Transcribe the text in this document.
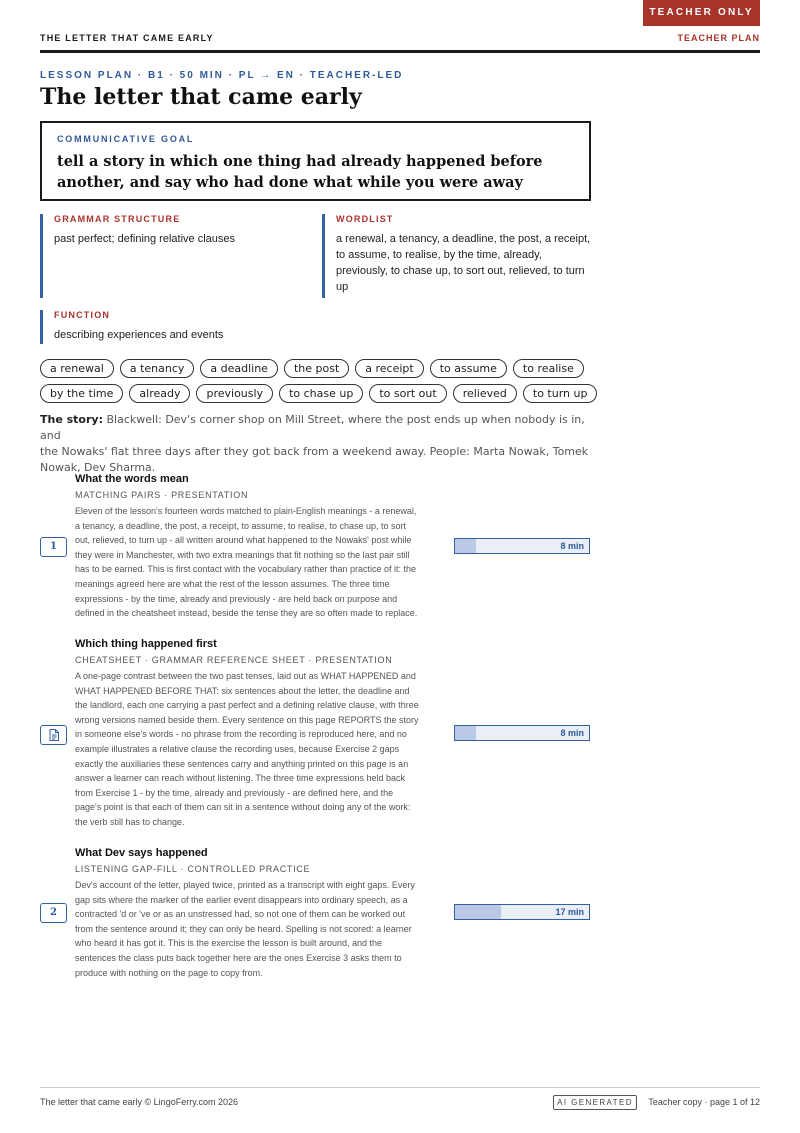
TEACHER ONLY
THE LETTER THAT CAME EARLY	TEACHER PLAN
LESSON PLAN · B1 · 50 MIN · PL → EN · TEACHER-LED
The letter that came early
COMMUNICATIVE GOAL
tell a story in which one thing had already happened before
another, and say who had done what while you were away
GRAMMAR STRUCTURE
past perfect; defining relative clauses
WORDLIST
a renewal, a tenancy, a deadline, the post, a receipt,
to assume, to realise, by the time, already,
previously, to chase up, to sort out, relieved, to turn
up
FUNCTION
describing experiences and events
a renewal	a tenancy	a deadline	the post	a receipt	to assume	to realise
by the time	already	previously	to chase up	to sort out	relieved	to turn up
The story: Blackwell: Dev's corner shop on Mill Street, where the post ends up when nobody is in, and
the Nowaks' flat three days after they got back from a weekend away. People: Marta Nowak, Tomek
Nowak, Dev Sharma.
1
What the words mean
MATCHING PAIRS · PRESENTATION
Eleven of the lesson's fourteen words matched to plain-English meanings - a renewal,
a tenancy, a deadline, the post, a receipt, to assume, to realise, to chase up, to sort
out, relieved, to turn up - all written around what happened to the Nowaks' post while
they were in Manchester, with two extra meanings that fit nothing so the last pair still
has to be earned. This is first contact with the vocabulary rather than practice of it: the
meanings agreed here are what the rest of the lesson assumes. The three time
expressions - by the time, already and previously - are held back on purpose and
defined in the cheatsheet instead, beside the tense they are so often made to replace.
8 min
Which thing happened first
CHEATSHEET · GRAMMAR REFERENCE SHEET · PRESENTATION
A one-page contrast between the two past tenses, laid out as WHAT HAPPENED and
WHAT HAPPENED BEFORE THAT: six sentences about the letter, the deadline and
the landlord, each one carrying a past perfect and a defining relative clause, with three
wrong versions named beside them. Every sentence on this page REPORTS the story
in someone else's words - no phrase from the recording is reproduced here, and no
example illustrates a relative clause the recording uses, because Exercise 2 gaps
exactly the auxiliaries these sentences carry and anything printed on this page is an
answer a learner can reach without listening. The three time expressions held back
from Exercise 1 - by the time, already and previously - are defined here, and the
page's point is that each of them can sit in a sentence without doing any of the work:
the verb still has to change.
8 min
2
What Dev says happened
LISTENING GAP-FILL · CONTROLLED PRACTICE
Dev's account of the letter, played twice, printed as a transcript with eight gaps. Every
gap sits where the marker of the earlier event disappears into ordinary speech, as a
contracted 'd or 've or as an unstressed had, so not one of them can be worked out
from the sentence around it; they can only be heard. Spelling is not scored: a learner
who heard it has got it. This is the exercise the lesson is built around, and the
sentences the class puts back together here are the ones Exercise 3 asks them to
produce with nothing on the page to copy from.
17 min
The letter that came early © LingoFerry.com 2026	AI GENERATED	Teacher copy · page 1 of 12
